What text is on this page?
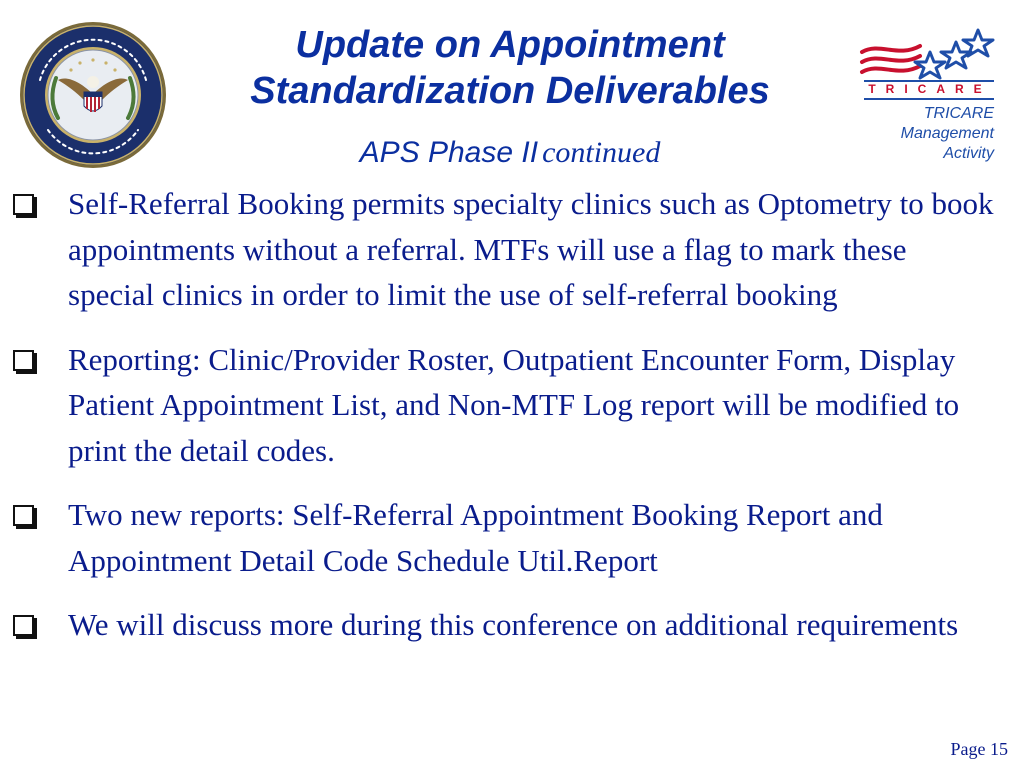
Update on Appointment
Standardization Deliverables
APS Phase II continued
TRICARE
TRICARE
Management
Activity
Self-Referral Booking permits specialty clinics such as Optometry to book appointments without a referral. MTFs will use a flag to mark these special clinics in order to limit the use of self-referral booking
Reporting: Clinic/Provider Roster, Outpatient Encounter Form, Display Patient Appointment List, and Non-MTF Log report will be modified to print the detail codes.
Two new reports: Self-Referral Appointment Booking Report and Appointment Detail Code Schedule Util.Report
We will discuss more during this conference on additional requirements
Page 15
